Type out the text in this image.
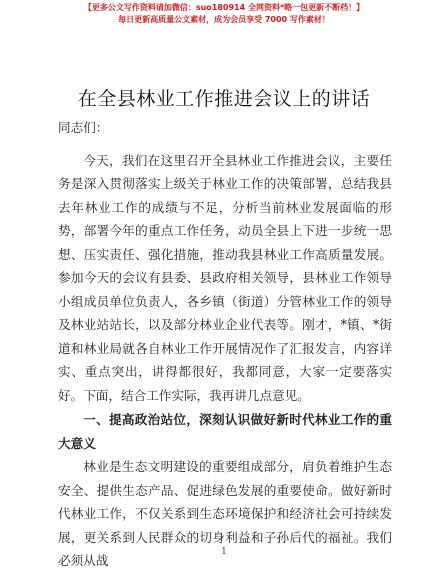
【更多公文写作资料请加微信：suo180914 全网资料*略一包更新不断档！】
每日更新高质量公文素材，成为会员享受 7000 写作素材！
在全县林业工作推进会议上的讲话

同志们：

今天，我们在这里召开全县林业工作推进会议，主要任务是深入贯彻落实上级关于林业工作的决策部署，总结我县去年林业工作的成绩与不足，分析当前林业发展面临的形势，部署今年的重点工作任务，动员全县上下进一步统一思想、压实责任、强化措施，推动我县林业工作高质量发展。参加今天的会议有县委、县政府相关领导，县林业工作领导小组成员单位负责人，各乡镇（街道）分管林业工作的领导及林业站站长，以及部分林业企业代表等。刚才，*镇、*街道和林业局就各自林业工作开展情况作了汇报发言，内容详实、重点突出，讲得都很好，我都同意，大家一定要落实好。下面，结合工作实际，我再讲几点意见。

一、提高政治站位，深刻认识做好新时代林业工作的重大意义

林业是生态文明建设的重要组成部分，肩负着维护生态安全、提供生态产品、促进绿色发展的重要使命。做好新时代林业工作，不仅关系到生态环境保护和经济社会可持续发展，更关系到人民群众的切身利益和子孙后代的福祉。我们必须从战

1
